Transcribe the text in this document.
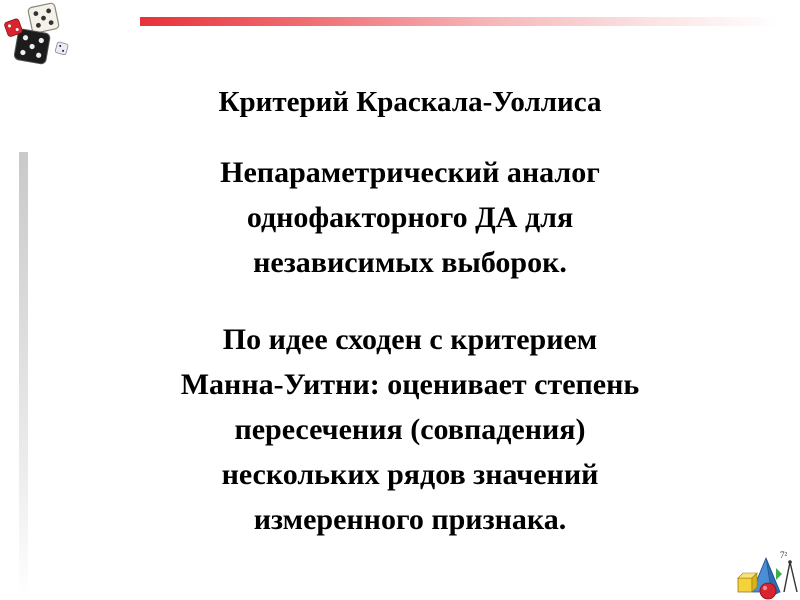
Критерий Краскала-Уоллиса

Непараметрический аналог
однофакторного ДА для
независимых выборок.

По идее сходен с критерием
Манна-Уитни: оценивает степень
пересечения (совпадения)
нескольких рядов значений
измеренного признака.

7²
